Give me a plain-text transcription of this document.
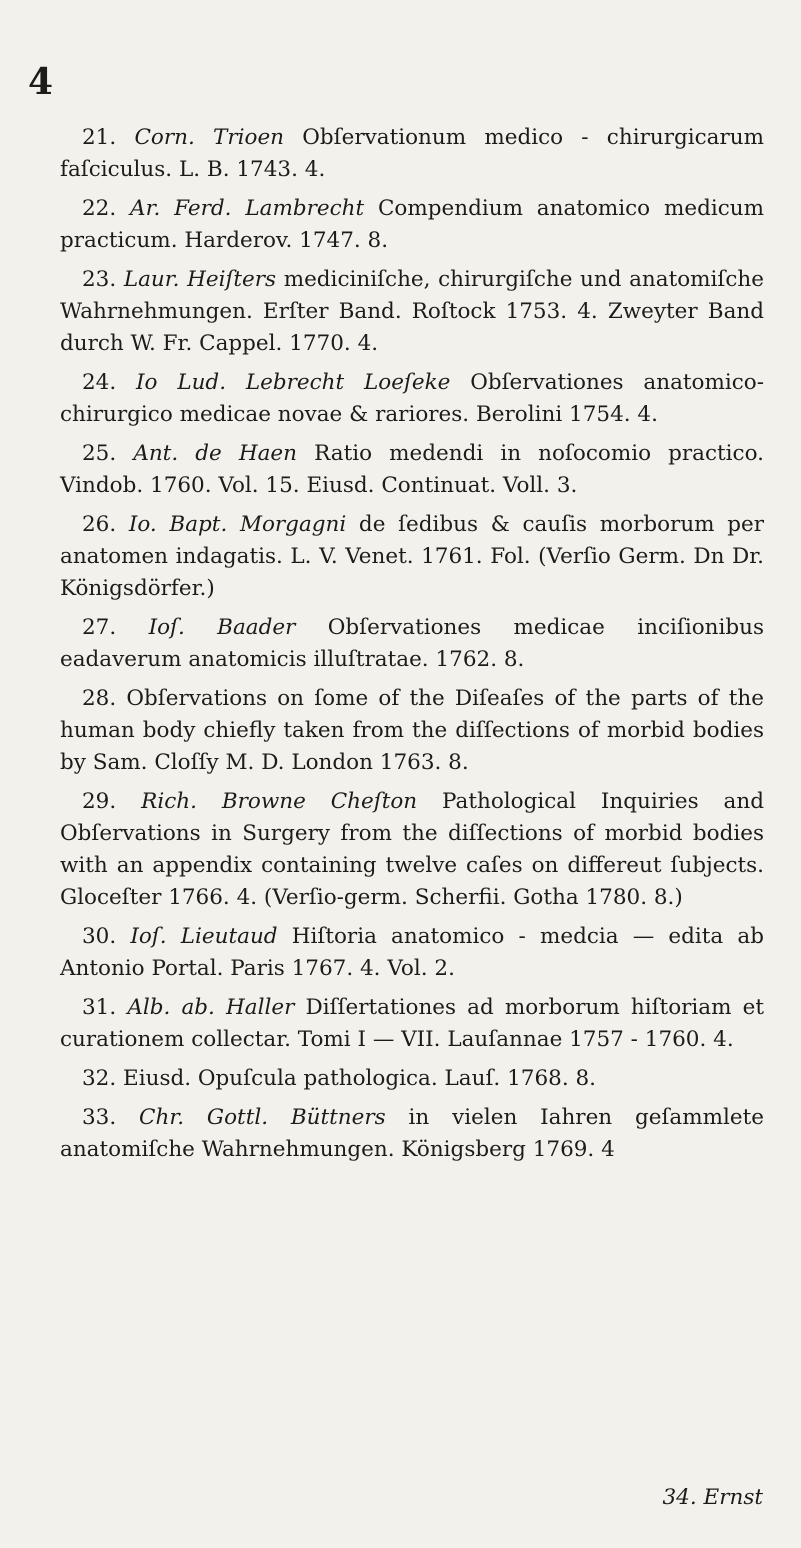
4

21. Corn. Trioen Obſervationum medico - chirurgicarum faſciculus. L. B. 1743. 4.

22. Ar. Ferd. Lambrecht Compendium anatomico medicum practicum. Harderov. 1747. 8.

23. Laur. Heiſters mediciniſche, chirurgiſche und anatomiſche Wahrnehmungen. Erſter Band. Roſtock 1753. 4. Zweyter Band durch W. Fr. Cappel. 1770. 4.

24. Io Lud. Lebrecht Loeſeke Obſervationes anatomico-chirurgico medicae novae & rariores. Berolini 1754. 4.

25. Ant. de Haen Ratio medendi in noſocomio practico. Vindob. 1760. Vol. 15. Eiusd. Continuat. Voll. 3.

26. Io. Bapt. Morgagni de ſedibus & cauſis morborum per anatomen indagatis. L. V. Venet. 1761. Fol. (Verſio Germ. Dn Dr. Königsdörfer.)

27. Ioſ. Baader Obſervationes medicae inciſionibus eadaverum anatomicis illuſtratae. 1762. 8.

28. Obſervations on ſome of the Diſeaſes of the parts of the human body chiefly taken from the diſſections of morbid bodies by Sam. Cloſſy M. D. London 1763. 8.

29. Rich. Browne Cheſton Pathological Inquiries and Obſervations in Surgery from the diſſections of morbid bodies with an appendix containing twelve caſes on differeut ſubjects. Gloceſter 1766. 4. (Verſio-germ. Scherfii. Gotha 1780. 8.)

30. Ioſ. Lieutaud Hiſtoria anatomico - medcia — edita ab Antonio Portal. Paris 1767. 4. Vol. 2.

31. Alb. ab. Haller Diſſertationes ad morborum hiſtoriam et curationem collectar. Tomi I — VII. Lauſannae 1757 - 1760. 4.

32. Eiusd. Opuſcula pathologica. Lauſ. 1768. 8.

33. Chr. Gottl. Büttners in vielen Iahren geſammlete anatomiſche Wahrnehmungen. Königsberg 1769. 4

34. Ernst
